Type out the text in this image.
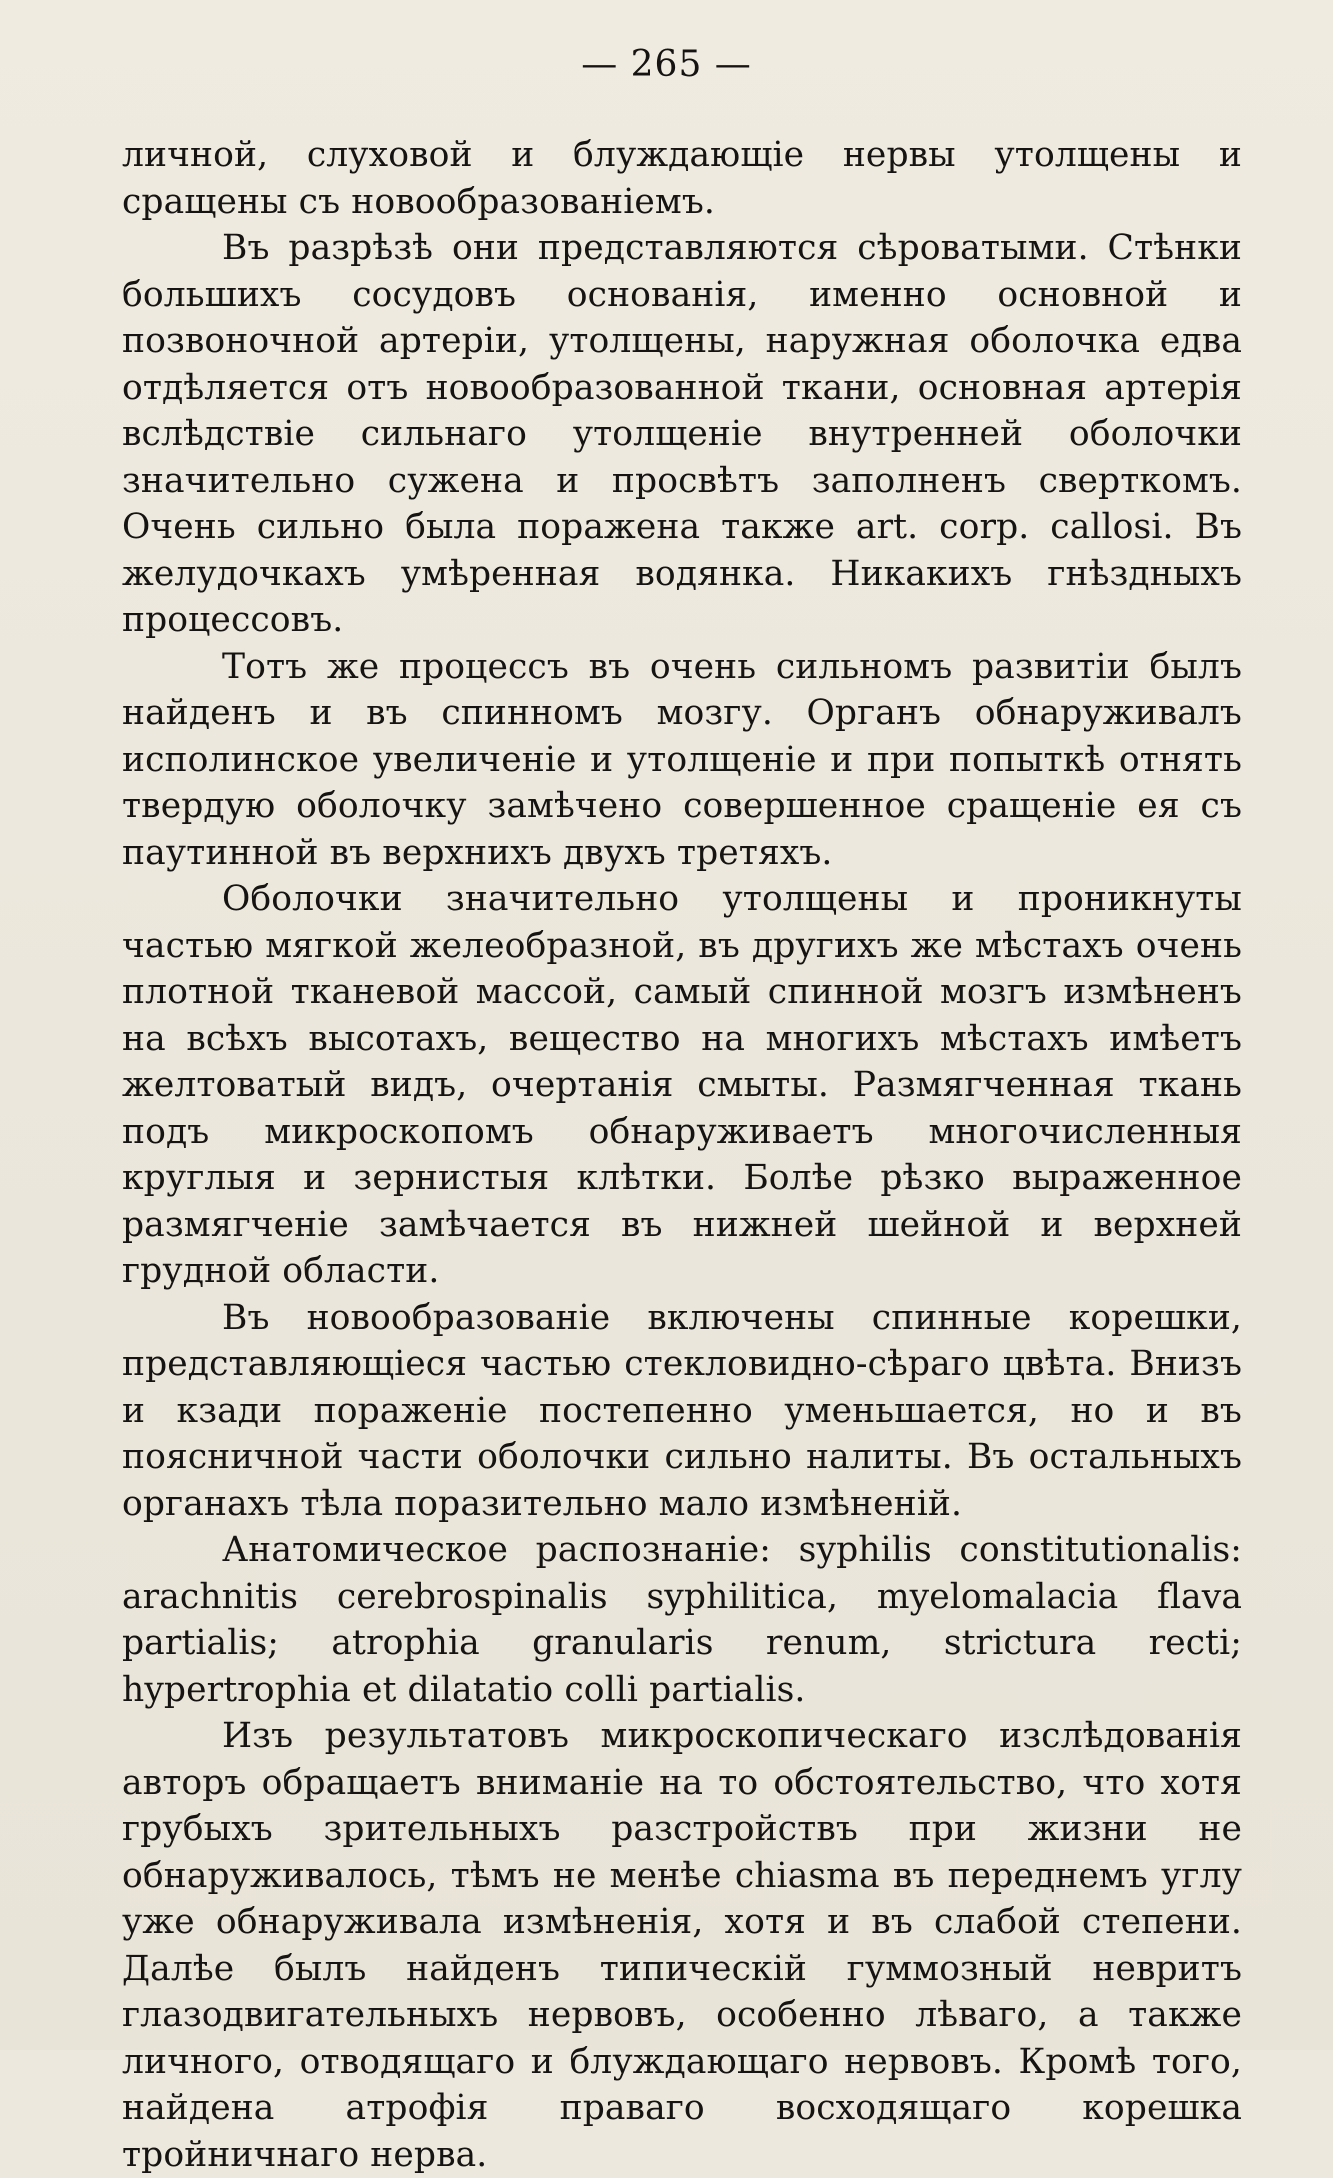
— 265 —

личной, слуховой и блуждающіе нервы утолщены и сращены съ новообразованіемъ.

Въ разрѣзѣ они представляются сѣроватыми. Стѣнки большихъ сосудовъ основанія, именно основной и позвоночной артеріи, утолщены, наружная оболочка едва отдѣляется отъ новообразованной ткани, основная артерія вслѣдствіе сильнаго утолщеніе внутренней оболочки значительно сужена и просвѣтъ заполненъ сверткомъ. Очень сильно была поражена также art. corp. callosi. Въ желудочкахъ умѣренная водянка. Никакихъ гнѣздныхъ процессовъ.

Тотъ же процессъ въ очень сильномъ развитіи былъ найденъ и въ спинномъ мозгу. Органъ обнаруживалъ исполинское увеличеніе и утолщеніе и при попыткѣ отнять твердую оболочку замѣчено совершенное сращеніе ея съ паутинной въ верхнихъ двухъ третяхъ.

Оболочки значительно утолщены и проникнуты частью мягкой желеобразной, въ другихъ же мѣстахъ очень плотной тканевой массой, самый спинной мозгъ измѣненъ на всѣхъ высотахъ, вещество на многихъ мѣстахъ имѣетъ желтоватый видъ, очертанія смыты. Размягченная ткань подъ микроскопомъ обнаруживаетъ многочисленныя круглыя и зернистыя клѣтки. Болѣе рѣзко выраженное размягченіе замѣчается въ нижней шейной и верхней грудной области.

Въ новообразованіе включены спинные корешки, представляющіеся частью стекловидно-сѣраго цвѣта. Внизъ и кзади пораженіе постепенно уменьшается, но и въ поясничной части оболочки сильно налиты. Въ остальныхъ органахъ тѣла поразительно мало измѣненій.

Анатомическое распознаніе: syphilis constitutionalis: arachnitis cerebrospinalis syphilitica, myelomalacia flava partialis; atrophia granularis renum, strictura recti; hypertrophia et dilatatio colli partialis.

Изъ результатовъ микроскопическаго изслѣдованія авторъ обращаетъ вниманіе на то обстоятельство, что хотя грубыхъ зрительныхъ разстройствъ при жизни не обнаруживалось, тѣмъ не менѣе chiasma въ переднемъ углу уже обнаруживала измѣненія, хотя и въ слабой степени. Далѣе былъ найденъ типическій гуммозный невритъ глазодвигательныхъ нервовъ, особенно лѣваго, а также личного, отводящаго и блуждающаго нервовъ. Кромѣ того, найдена атрофія праваго восходящаго корешка тройничнаго нерва.
